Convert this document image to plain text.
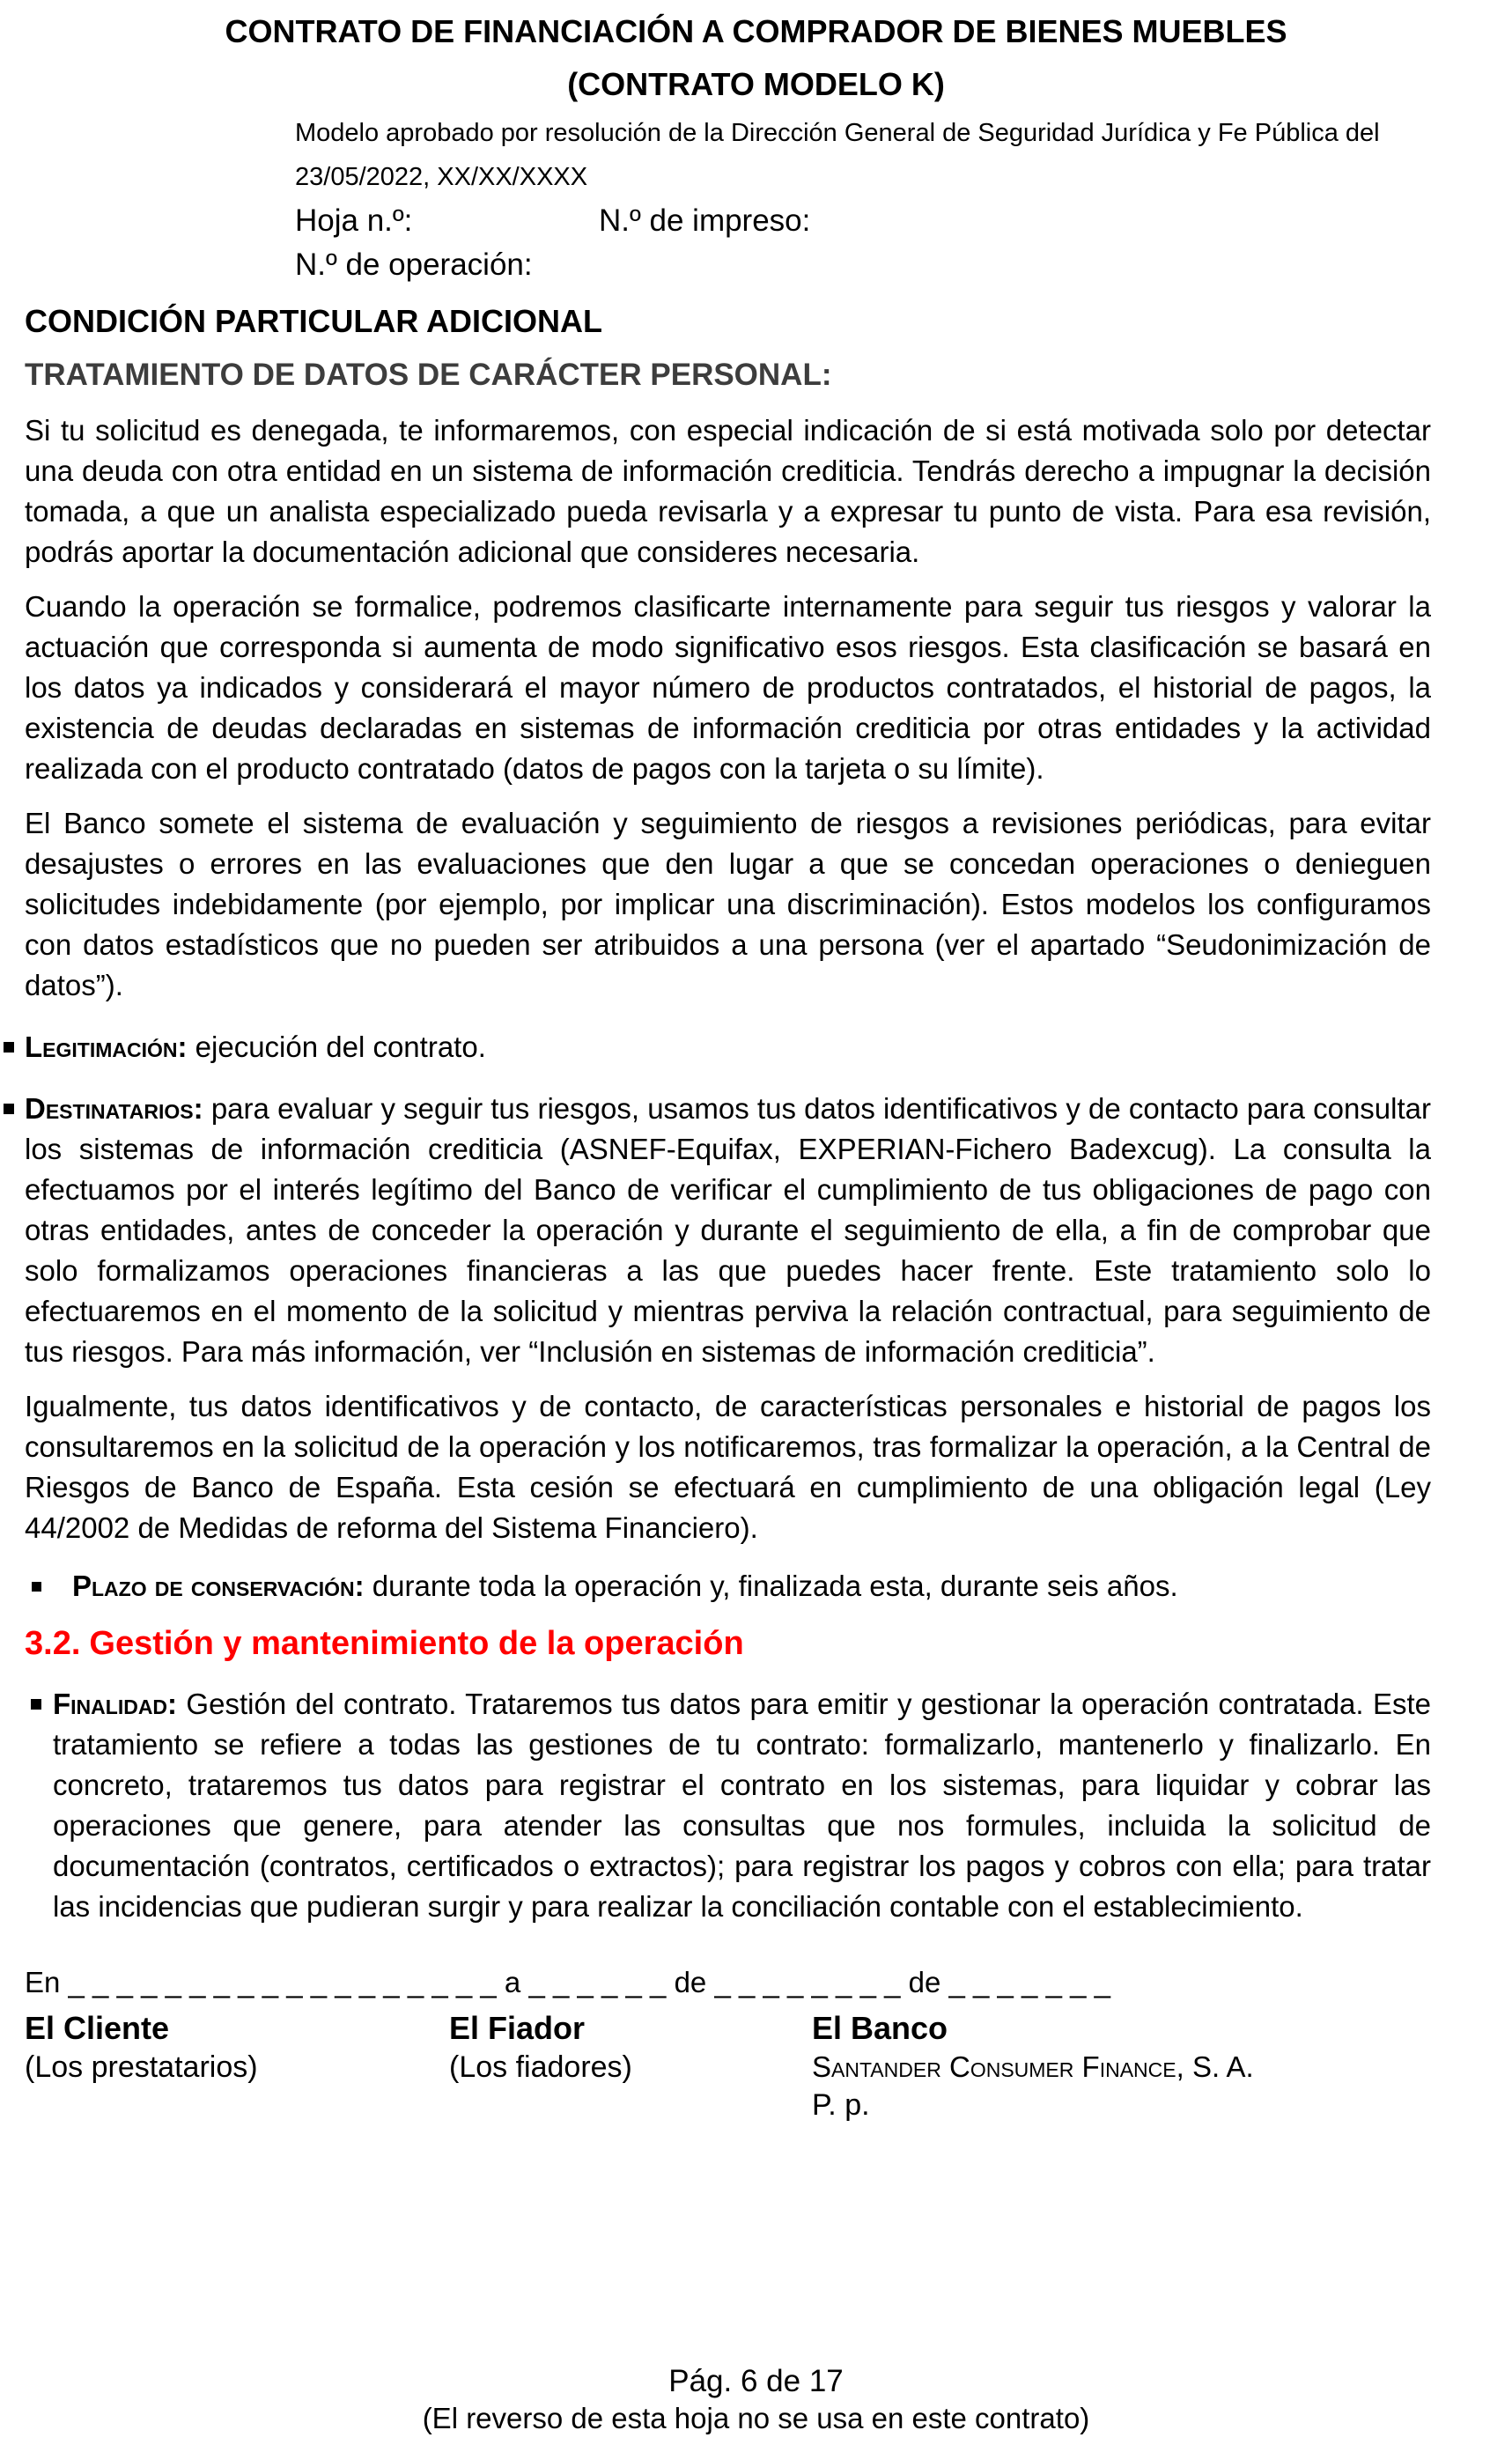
CONTRATO DE FINANCIACIÓN A COMPRADOR DE BIENES MUEBLES
(CONTRATO MODELO K)
Modelo aprobado por resolución de la Dirección General de Seguridad Jurídica y Fe Pública del
23/05/2022, XX/XX/XXXX
Hoja n.º:	N.º de impreso:
N.º de operación:
CONDICIÓN PARTICULAR ADICIONAL
TRATAMIENTO DE DATOS DE CARÁCTER PERSONAL:

Si tu solicitud es denegada, te informaremos, con especial indicación de si está motivada solo por detectar una deuda con otra entidad en un sistema de información crediticia. Tendrás derecho a impugnar la decisión tomada, a que un analista especializado pueda revisarla y a expresar tu punto de vista. Para esa revisión, podrás aportar la documentación adicional que consideres necesaria.

Cuando la operación se formalice, podremos clasificarte internamente para seguir tus riesgos y valorar la actuación que corresponda si aumenta de modo significativo esos riesgos. Esta clasificación se basará en los datos ya indicados y considerará el mayor número de productos contratados, el historial de pagos, la existencia de deudas declaradas en sistemas de información crediticia por otras entidades y la actividad realizada con el producto contratado (datos de pagos con la tarjeta o su límite).

El Banco somete el sistema de evaluación y seguimiento de riesgos a revisiones periódicas, para evitar desajustes o errores en las evaluaciones que den lugar a que se concedan operaciones o denieguen solicitudes indebidamente (por ejemplo, por implicar una discriminación). Estos modelos los configuramos con datos estadísticos que no pueden ser atribuidos a una persona (ver el apartado “Seudonimización de datos”).

Legitimación: ejecución del contrato.
Destinatarios: para evaluar y seguir tus riesgos, usamos tus datos identificativos y de contacto para consultar los sistemas de información crediticia (ASNEF-Equifax, EXPERIAN-Fichero Badexcug). La consulta la efectuamos por el interés legítimo del Banco de verificar el cumplimiento de tus obligaciones de pago con otras entidades, antes de conceder la operación y durante el seguimiento de ella, a fin de comprobar que solo formalizamos operaciones financieras a las que puedes hacer frente. Este tratamiento solo lo efectuaremos en el momento de la solicitud y mientras perviva la relación contractual, para seguimiento de tus riesgos. Para más información, ver “Inclusión en sistemas de información crediticia”.

Igualmente, tus datos identificativos y de contacto, de características personales e historial de pagos los consultaremos en la solicitud de la operación y los notificaremos, tras formalizar la operación, a la Central de Riesgos de Banco de España. Esta cesión se efectuará en cumplimiento de una obligación legal (Ley 44/2002 de Medidas de reforma del Sistema Financiero).

Plazo de conservación: durante toda la operación y, finalizada esta, durante seis años.
3.2. Gestión y mantenimiento de la operación
Finalidad: Gestión del contrato. Trataremos tus datos para emitir y gestionar la operación contratada. Este tratamiento se refiere a todas las gestiones de tu contrato: formalizarlo, mantenerlo y finalizarlo. En concreto, trataremos tus datos para registrar el contrato en los sistemas, para liquidar y cobrar las operaciones que genere, para atender las consultas que nos formules, incluida la solicitud de documentación (contratos, certificados o extractos); para registrar los pagos y cobros con ella; para tratar las incidencias que pudieran surgir y para realizar la conciliación contable con el establecimiento.
En _ _ _ _ _ _ _ _ _ _ _ _ _ _ _ _ _ _ a _ _ _ _ _ _ de _ _ _ _ _ _ _ _ de _ _ _ _ _ _ _
El Cliente
(Los prestatarios)
El Fiador
(Los fiadores)
El Banco
Santander Consumer Finance, S. A.
P. p.
Pág. 6 de 17
(El reverso de esta hoja no se usa en este contrato)
